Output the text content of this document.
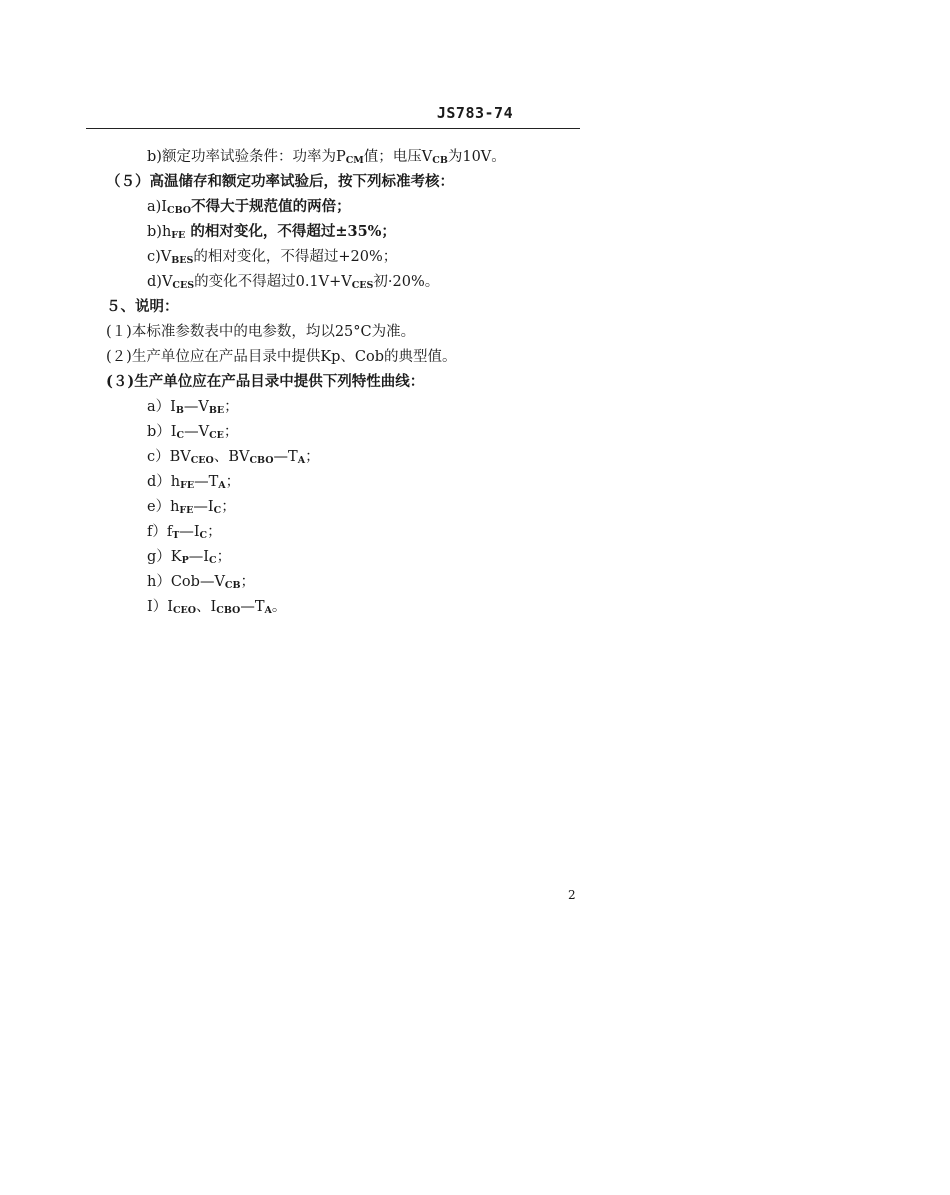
JS783-74
b)额定功率试验条件：功率为$P_{CM}$值；电压$V_{CB}$为10V。
（５）高温储存和额定功率试验后，按下列标准考核：
$a)I_{CBO}$不得大于规范值的两倍；
$b)h_{FE}$ 的相对变化，不得超过±35%；
$c)V_{BES}$的相对变化，不得超过+20%；
$d)V_{CES}$的变化不得超过$0.1V+V_{CES}$初·20%。
５、说明：
(１)本标准参数表中的电参数，均以25°C为准。
(２)生产单位应在产品目录中提供Kp、Cob的典型值。
(３)生产单位应在产品目录中提供下列特性曲线：
$a)I_B—V_{BE}$；
$b)I_C—V_{CE}$；
$c)BV_{CEO}$、$BV_{CBO}—T_A$；
$d)h_{FE}—T_A$；
$e)h_{FE}—I_C$；
$f)f_T—I_C$；
$g)K_P—I_C$；
$h)Cob—V_{CB}$；
$I)I_{CEO}$、$I_{CBO}—T_A$。
2
